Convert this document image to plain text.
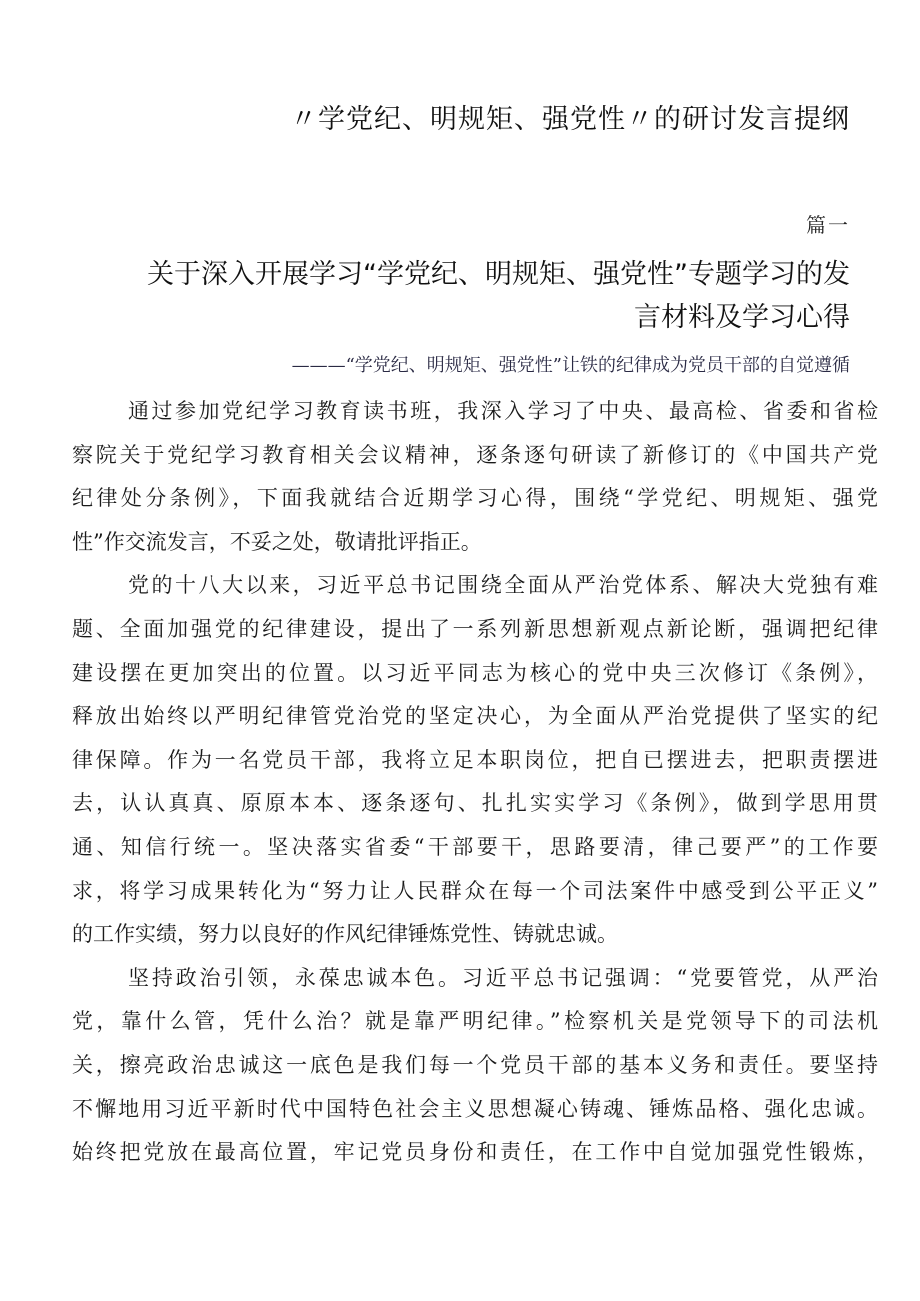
〃学党纪、明规矩、强党性〃的研讨发言提纲
篇一
关于深入开展学习“学党纪、明规矩、强党性”专题学习的发
言材料及学习心得
———“学党纪、明规矩、强党性”让铁的纪律成为党员干部的自觉遵循

通过参加党纪学习教育读书班，我深入学习了中央、最高检、省委和省检
察院关于党纪学习教育相关会议精神，逐条逐句研读了新修订的《中国共产党
纪律处分条例》，下面我就结合近期学习心得，围绕“学党纪、明规矩、强党
性”作交流发言，不妥之处，敬请批评指正。

党的十八大以来，习近平总书记围绕全面从严治党体系、解决大党独有难
题、全面加强党的纪律建设，提出了一系列新思想新观点新论断，强调把纪律
建设摆在更加突出的位置。以习近平同志为核心的党中央三次修订《条例》，
释放出始终以严明纪律管党治党的坚定决心，为全面从严治党提供了坚实的纪
律保障。作为一名党员干部，我将立足本职岗位，把自已摆进去，把职责摆进
去，认认真真、原原本本、逐条逐句、扎扎实实学习《条例》，做到学思用贯
通、知信行统一。坚决落实省委“干部要干，思路要清，律己要严”的工作要
求，将学习成果转化为“努力让人民群众在每一个司法案件中感受到公平正义”
的工作实绩，努力以良好的作风纪律锤炼党性、铸就忠诚。

坚持政治引领，永葆忠诚本色。习近平总书记强调：“党要管党，从严治
党，靠什么管，凭什么治？就是靠严明纪律。”检察机关是党领导下的司法机
关，擦亮政治忠诚这一底色是我们每一个党员干部的基本义务和责任。要坚持
不懈地用习近平新时代中国特色社会主义思想凝心铸魂、锤炼品格、强化忠诚。
始终把党放在最高位置，牢记党员身份和责任，在工作中自觉加强党性锻炼，
